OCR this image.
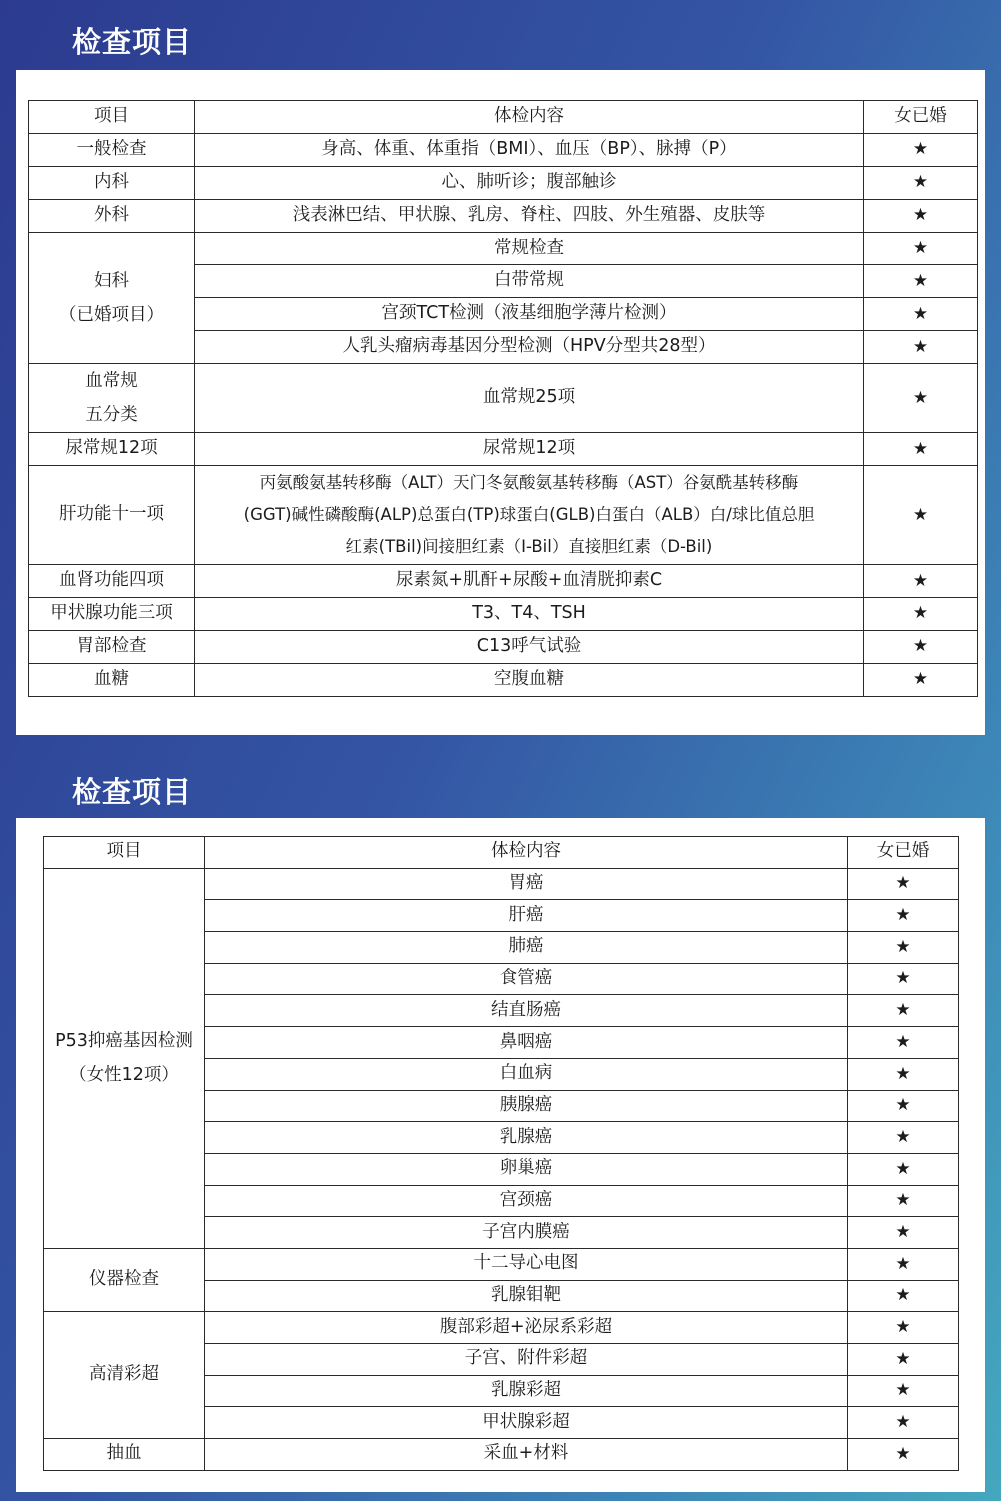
检查项目
项目	体检内容	女已婚
一般检查	身高、体重、体重指（BMI）、血压（BP）、脉搏（P）	★
内科	心、肺听诊；腹部触诊	★
外科	浅表淋巴结、甲状腺、乳房、脊柱、四肢、外生殖器、皮肤等	★

妇科
（已婚项目）	常规检查	★
	白带常规	★
	宫颈TCT检测（液基细胞学薄片检测）	★
	人乳头瘤病毒基因分型检测（HPV分型共28型）	★

血常规
五分类	血常规25项	★
尿常规12项	尿常规12项	★
肝功能十一项	丙氨酸氨基转移酶（ALT）天门冬氨酸氨基转移酶（AST）谷氨酰基转移酶
(GGT)碱性磷酸酶(ALP)总蛋白(TP)球蛋白(GLB)白蛋白（ALB）白/球比值总胆
红素(TBil)间接胆红素（I-Bil）直接胆红素（D-Bil)	★
血肾功能四项	尿素氮+肌酐+尿酸+血清胱抑素C	★
甲状腺功能三项	T3、T4、TSH	★
胃部检查	C13呼气试验	★
血糖	空腹血糖	★
检查项目
项目	体检内容	女已婚

P53抑癌基因检测
（女性12项）	胃癌	★
	肝癌	★
	肺癌	★
	食管癌	★
	结直肠癌	★
	鼻咽癌	★
	白血病	★
	胰腺癌	★
	乳腺癌	★
	卵巢癌	★
	宫颈癌	★
	子宫内膜癌	★
仪器检查	十二导心电图	★
	乳腺钼靶	★
高清彩超	腹部彩超+泌尿系彩超	★
	子宫、附件彩超	★
	乳腺彩超	★
	甲状腺彩超	★
抽血	采血+材料	★
